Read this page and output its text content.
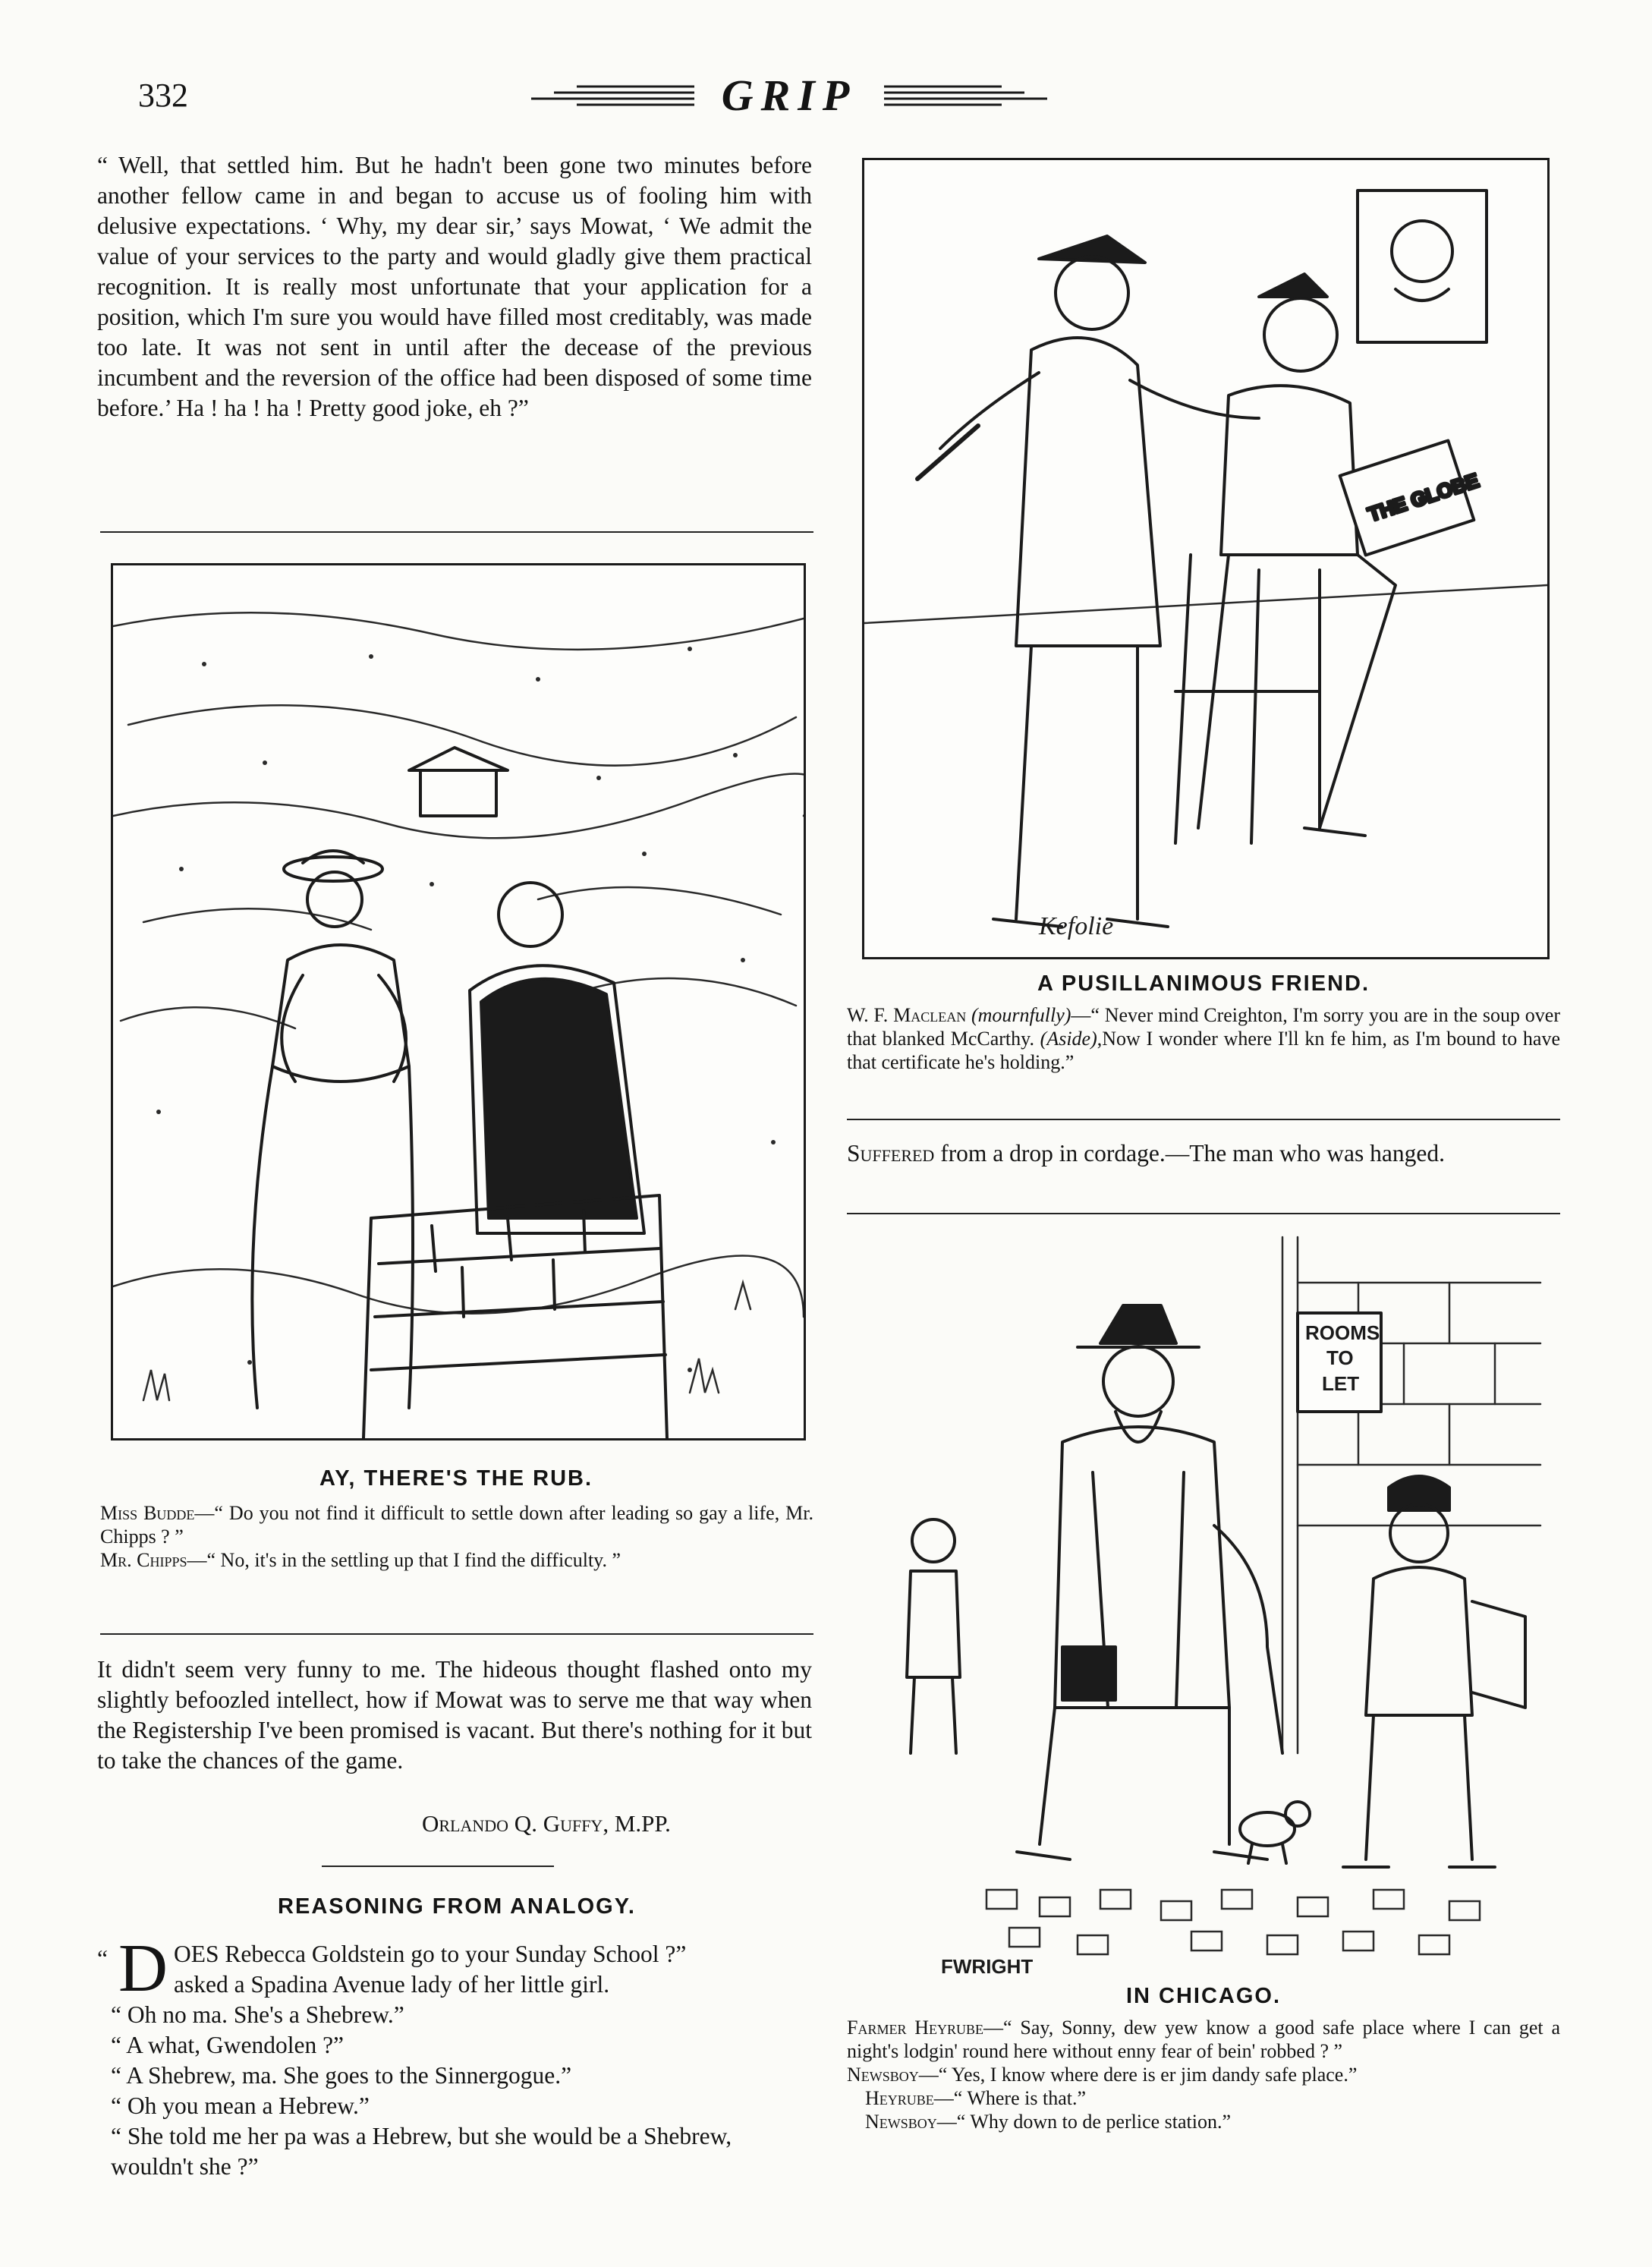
332	GRIP

“ Well, that settled him. But he hadn't been gone two minutes before another fellow came in and began to accuse us of fooling him with delusive expectations. ‘ Why, my dear sir,’ says Mowat, ‘ We admit the value of your services to the party and would gladly give them practical recognition. It is really most unfortunate that your application for a position, which I'm sure you would have filled most creditably, was made too late. It was not sent in until after the decease of the previous incumbent and the reversion of the office had been disposed of some time before.’ Ha ! ha ! ha ! Pretty good joke, eh ?”

AY, THERE'S THE RUB.
Miss Budde—“ Do you not find it difficult to settle down after leading so gay a life, Mr. Chipps ? ”
Mr. Chipps—“ No, it's in the settling up that I find the difficulty. ”

It didn't seem very funny to me. The hideous thought flashed onto my slightly befoozled intellect, how if Mowat was to serve me that way when the Registership I've been promised is vacant. But there's nothing for it but to take the chances of the game.

Orlando Q. Guffy, M.PP.
REASONING FROM ANALOGY.
“ D OES Rebecca Goldstein go to your Sunday School ?”
asked a Spadina Avenue lady of her little girl.
“ Oh no ma. She's a Shebrew.”
“ A what, Gwendolen ?”
“ A Shebrew, ma. She goes to the Sinnergogue.”
“ Oh you mean a Hebrew.”
“ She told me her pa was a Hebrew, but she would be a Shebrew, wouldn't she ?”
THE GLOBE
Kefolie
A PUSILLANIMOUS FRIEND.
W. F. Maclean (mournfully)—“ Never mind Creighton, I'm sorry you are in the soup over that blanked McCarthy. (Aside),Now I wonder where I'll kn fe him, as I'm bound to have that certificate he's holding.”
Suffered from a drop in cordage.—The man who was hanged.
ROOMS
TO
LET
FWRIGHT
IN CHICAGO.
Farmer Heyrube—“ Say, Sonny, dew yew know a good safe place where I can get a night's lodgin' round here without enny fear of bein' robbed ? ”
Newsboy—“ Yes, I know where dere is er jim dandy safe place.”
Heyrube—“ Where is that.”
Newsboy—“ Why down to de perlice station.”
